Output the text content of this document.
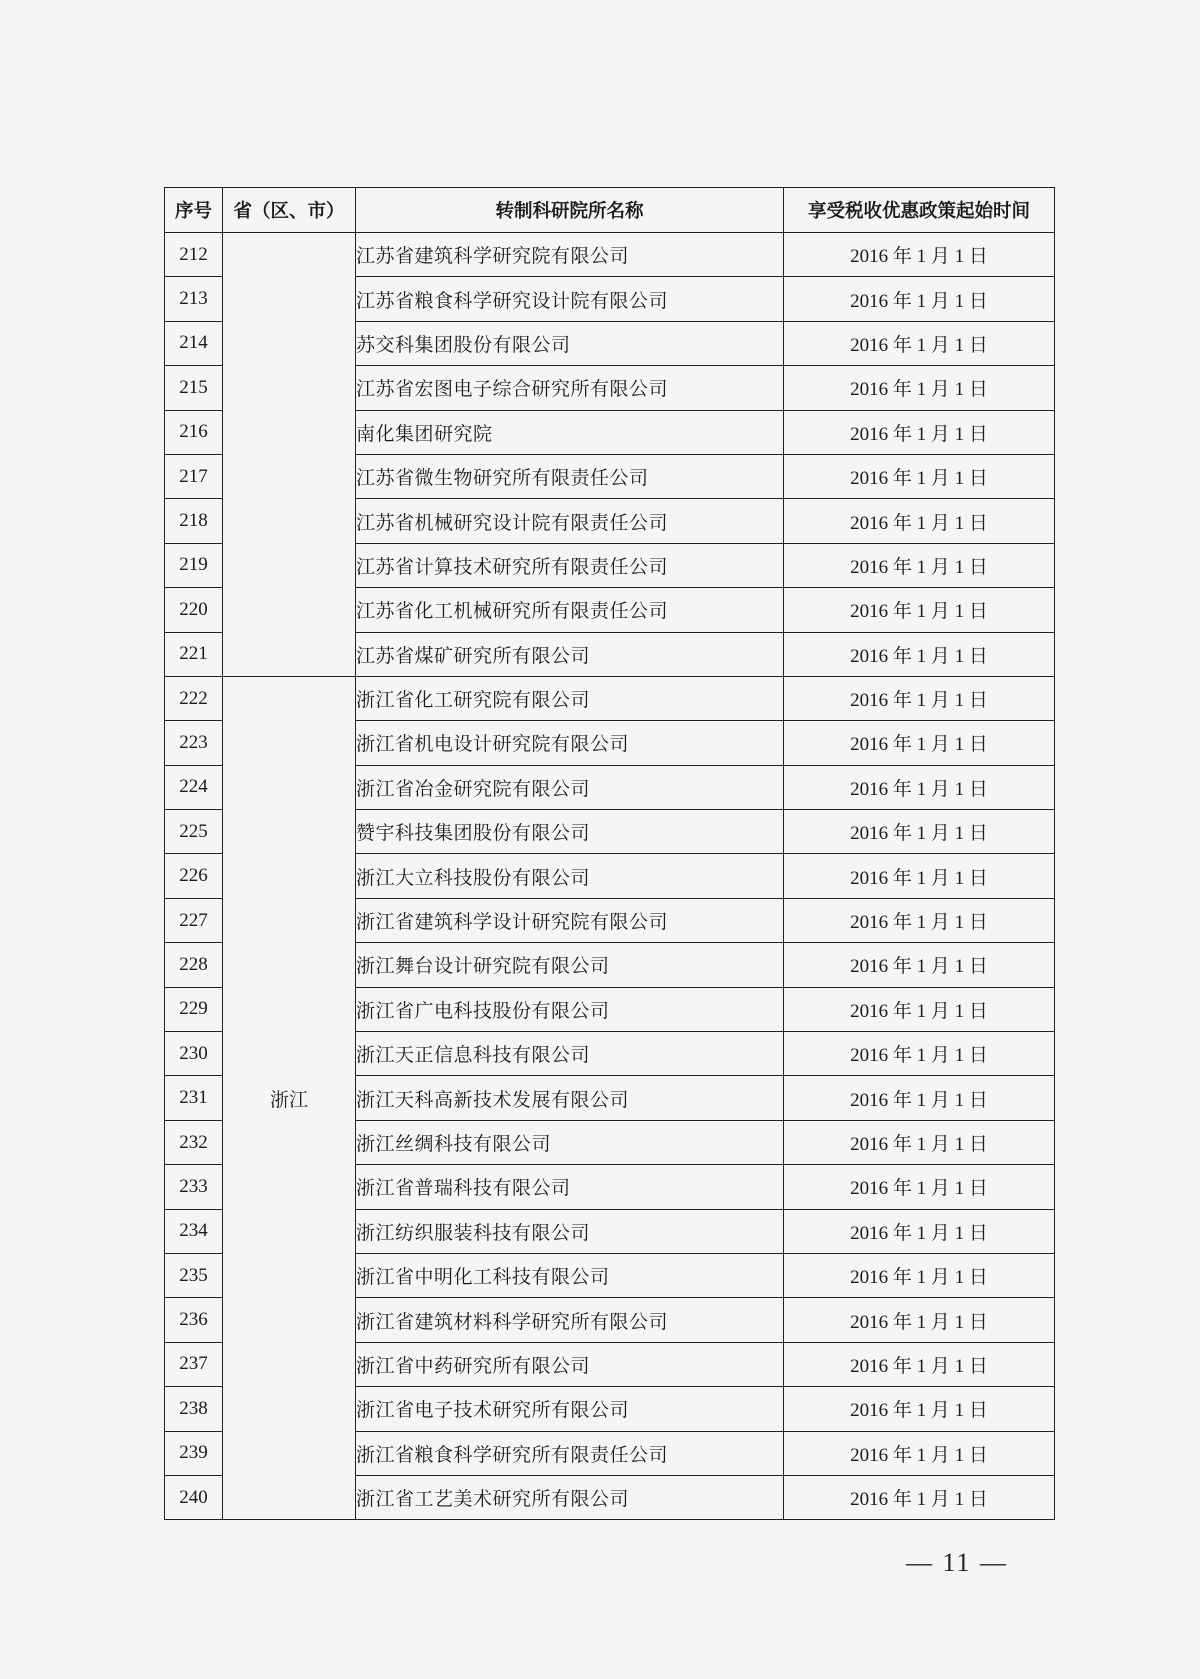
序号	省（区、市）	转制科研院所名称	享受税收优惠政策起始时间
212		江苏省建筑科学研究院有限公司	2016 年 1 月 1 日
213		江苏省粮食科学研究设计院有限公司	2016 年 1 月 1 日
214		苏交科集团股份有限公司	2016 年 1 月 1 日
215		江苏省宏图电子综合研究所有限公司	2016 年 1 月 1 日
216		南化集团研究院	2016 年 1 月 1 日
217		江苏省微生物研究所有限责任公司	2016 年 1 月 1 日
218		江苏省机械研究设计院有限责任公司	2016 年 1 月 1 日
219		江苏省计算技术研究所有限责任公司	2016 年 1 月 1 日
220		江苏省化工机械研究所有限责任公司	2016 年 1 月 1 日
221		江苏省煤矿研究所有限公司	2016 年 1 月 1 日
222	浙江	浙江省化工研究院有限公司	2016 年 1 月 1 日
223		浙江省机电设计研究院有限公司	2016 年 1 月 1 日
224		浙江省冶金研究院有限公司	2016 年 1 月 1 日
225		赞宇科技集团股份有限公司	2016 年 1 月 1 日
226		浙江大立科技股份有限公司	2016 年 1 月 1 日
227		浙江省建筑科学设计研究院有限公司	2016 年 1 月 1 日
228		浙江舞台设计研究院有限公司	2016 年 1 月 1 日
229		浙江省广电科技股份有限公司	2016 年 1 月 1 日
230		浙江天正信息科技有限公司	2016 年 1 月 1 日
231		浙江天科高新技术发展有限公司	2016 年 1 月 1 日
232		浙江丝绸科技有限公司	2016 年 1 月 1 日
233		浙江省普瑞科技有限公司	2016 年 1 月 1 日
234		浙江纺织服装科技有限公司	2016 年 1 月 1 日
235		浙江省中明化工科技有限公司	2016 年 1 月 1 日
236		浙江省建筑材料科学研究所有限公司	2016 年 1 月 1 日
237		浙江省中药研究所有限公司	2016 年 1 月 1 日
238		浙江省电子技术研究所有限公司	2016 年 1 月 1 日
239		浙江省粮食科学研究所有限责任公司	2016 年 1 月 1 日
240		浙江省工艺美术研究所有限公司	2016 年 1 月 1 日
— 11 —
